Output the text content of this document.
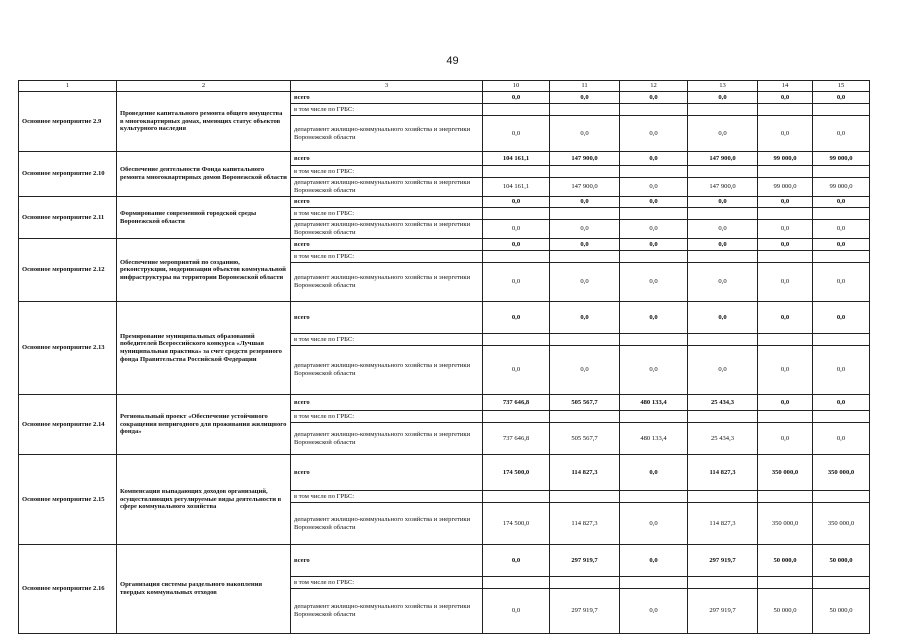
49
1	2	3	10	11	12	13	14	15
Основное мероприятие 2.9	Проведение капитального ремонта общего имущества в многоквартирных домах, имеющих статус объектов культурного наследия	всего	0,0	0,0	0,0	0,0	0,0	0,0
		в том числе по ГРБС:						
		департамент жилищно-коммунального хозяйства и энергетики Воронежской области	0,0	0,0	0,0	0,0	0,0	0,0
Основное мероприятие 2.10	Обеспечение деятельности Фонда капитального ремонта многоквартирных домов Воронежской области	всего	104 161,1	147 900,0	0,0	147 900,0	99 000,0	99 000,0
		в том числе по ГРБС:						
		департамент жилищно-коммунального хозяйства и энергетики Воронежской области	104 161,1	147 900,0	0,0	147 900,0	99 000,0	99 000,0
Основное мероприятие 2.11	Формирование современной городской среды Воронежской области	всего	0,0	0,0	0,0	0,0	0,0	0,0
		в том числе по ГРБС:						
		департамент жилищно-коммунального хозяйства и энергетики Воронежской области	0,0	0,0	0,0	0,0	0,0	0,0
Основное мероприятие 2.12	Обеспечение мероприятий по созданию, реконструкции, модернизации объектов коммунальной инфраструктуры на территории Воронежской области	всего	0,0	0,0	0,0	0,0	0,0	0,0
		в том числе по ГРБС:						
		департамент жилищно-коммунального хозяйства и энергетики Воронежской области	0,0	0,0	0,0	0,0	0,0	0,0
Основное мероприятие 2.13	Премирование муниципальных образований победителей Всероссийского конкурса «Лучшая муниципальная практика» за счет средств резервного фонда Правительства Российской Федерации	всего	0,0	0,0	0,0	0,0	0,0	0,0
		в том числе по ГРБС:						
		департамент жилищно-коммунального хозяйства и энергетики Воронежской области	0,0	0,0	0,0	0,0	0,0	0,0
Основное мероприятие 2.14	Региональный проект «Обеспечение устойчивого сокращения непригодного для проживания жилищного фонда»	всего	737 646,8	505 567,7	480 133,4	25 434,3	0,0	0,0
		в том числе по ГРБС:						
		департамент жилищно-коммунального хозяйства и энергетики Воронежской области	737 646,8	505 567,7	480 133,4	25 434,3	0,0	0,0
Основное мероприятие 2.15	Компенсация выпадающих доходов организаций, осуществляющих регулируемые виды деятельности в сфере коммунального хозяйства	всего	174 500,0	114 827,3	0,0	114 827,3	350 000,0	350 000,0
		в том числе по ГРБС:						
		департамент жилищно-коммунального хозяйства и энергетики Воронежской области	174 500,0	114 827,3	0,0	114 827,3	350 000,0	350 000,0
Основное мероприятие 2.16	Организация системы раздельного накопления твердых коммунальных отходов	всего	0,0	297 919,7	0,0	297 919,7	50 000,0	50 000,0
		в том числе по ГРБС:						
		департамент жилищно-коммунального хозяйства и энергетики Воронежской области	0,0	297 919,7	0,0	297 919,7	50 000,0	50 000,0
